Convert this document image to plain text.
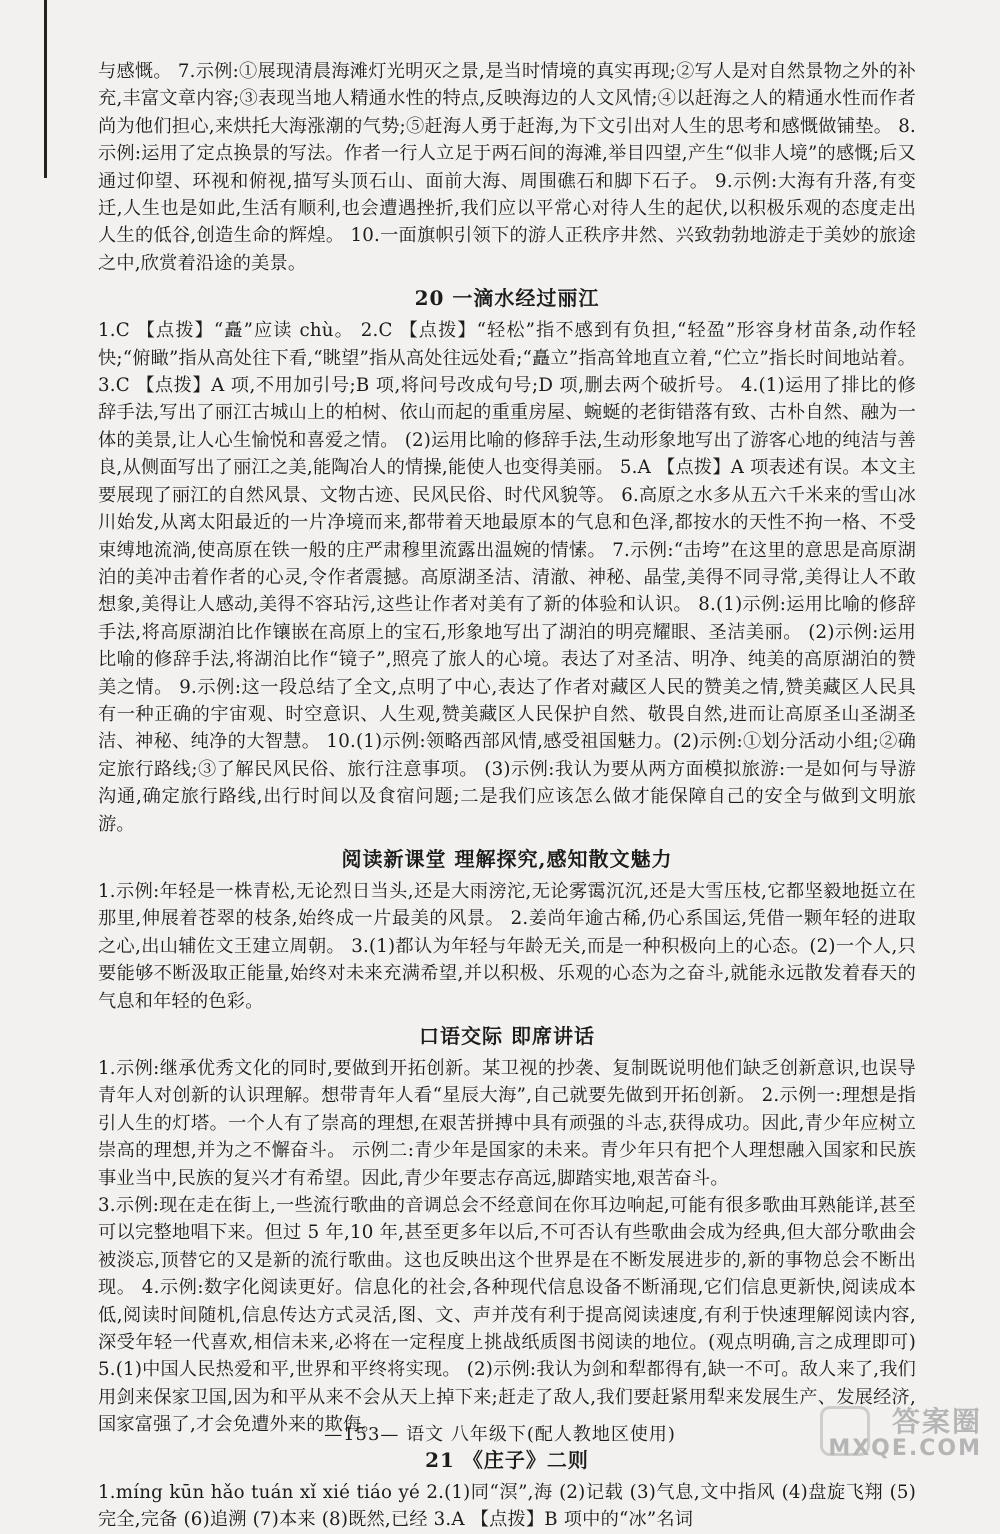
与感慨。 7.示例:①展现清晨海滩灯光明灭之景,是当时情境的真实再现;②写人是对自然景物之外的补充,丰富文章内容;③表现当地人精通水性的特点,反映海边的人文风情;④以赶海之人的精通水性而作者尚为他们担心,来烘托大海涨潮的气势;⑤赶海人勇于赶海,为下文引出对人生的思考和感慨做铺垫。 8.示例:运用了定点换景的写法。作者一行人立足于两石间的海滩,举目四望,产生“似非人境”的感慨;后又通过仰望、环视和俯视,描写头顶石山、面前大海、周围礁石和脚下石子。 9.示例:大海有升落,有变迁,人生也是如此,生活有顺利,也会遭遇挫折,我们应以平常心对待人生的起伏,以积极乐观的态度走出人生的低谷,创造生命的辉煌。 10.一面旗帜引领下的游人正秩序井然、兴致勃勃地游走于美妙的旅途之中,欣赏着沿途的美景。

20 一滴水经过丽江

1.C 【点拨】“矗”应读 chù。 2.C 【点拨】“轻松”指不感到有负担,“轻盈”形容身材苗条,动作轻快;“俯瞰”指从高处往下看,“眺望”指从高处往远处看;“矗立”指高耸地直立着,“伫立”指长时间地站着。 3.C 【点拨】A 项,不用加引号;B 项,将问号改成句号;D 项,删去两个破折号。 4.(1)运用了排比的修辞手法,写出了丽江古城山上的柏树、依山而起的重重房屋、蜿蜒的老街错落有致、古朴自然、融为一体的美景,让人心生愉悦和喜爱之情。 (2)运用比喻的修辞手法,生动形象地写出了游客心地的纯洁与善良,从侧面写出了丽江之美,能陶冶人的情操,能使人也变得美丽。 5.A 【点拨】A 项表述有误。本文主要展现了丽江的自然风景、文物古迹、民风民俗、时代风貌等。 6.高原之水多从五六千米来的雪山冰川始发,从离太阳最近的一片净境而来,都带着天地最原本的气息和色泽,都按水的天性不拘一格、不受束缚地流淌,使高原在铁一般的庄严肃穆里流露出温婉的情愫。 7.示例:“击垮”在这里的意思是高原湖泊的美冲击着作者的心灵,令作者震撼。高原湖圣洁、清澈、神秘、晶莹,美得不同寻常,美得让人不敢想象,美得让人感动,美得不容玷污,这些让作者对美有了新的体验和认识。 8.(1)示例:运用比喻的修辞手法,将高原湖泊比作镶嵌在高原上的宝石,形象地写出了湖泊的明亮耀眼、圣洁美丽。 (2)示例:运用比喻的修辞手法,将湖泊比作“镜子”,照亮了旅人的心境。表达了对圣洁、明净、纯美的高原湖泊的赞美之情。 9.示例:这一段总结了全文,点明了中心,表达了作者对藏区人民的赞美之情,赞美藏区人民具有一种正确的宇宙观、时空意识、人生观,赞美藏区人民保护自然、敬畏自然,进而让高原圣山圣湖圣洁、神秘、纯净的大智慧。 10.(1)示例:领略西部风情,感受祖国魅力。(2)示例:①划分活动小组;②确定旅行路线;③了解民风民俗、旅行注意事项。 (3)示例:我认为要从两方面模拟旅游:一是如何与导游沟通,确定旅行路线,出行时间以及食宿问题;二是我们应该怎么做才能保障自己的安全与做到文明旅游。

阅读新课堂 理解探究,感知散文魅力

1.示例:年轻是一株青松,无论烈日当头,还是大雨滂沱,无论雾霭沉沉,还是大雪压枝,它都坚毅地挺立在那里,伸展着苍翠的枝条,始终成一片最美的风景。 2.姜尚年逾古稀,仍心系国运,凭借一颗年轻的进取之心,出山辅佐文王建立周朝。 3.(1)都认为年轻与年龄无关,而是一种积极向上的心态。(2)一个人,只要能够不断汲取正能量,始终对未来充满希望,并以积极、乐观的心态为之奋斗,就能永远散发着春天的气息和年轻的色彩。

口语交际 即席讲话

1.示例:继承优秀文化的同时,要做到开拓创新。某卫视的抄袭、复制既说明他们缺乏创新意识,也误导青年人对创新的认识理解。想带青年人看“星辰大海”,自己就要先做到开拓创新。 2.示例一:理想是指引人生的灯塔。一个人有了崇高的理想,在艰苦拼搏中具有顽强的斗志,获得成功。因此,青少年应树立崇高的理想,并为之不懈奋斗。 示例二:青少年是国家的未来。青少年只有把个人理想融入国家和民族事业当中,民族的复兴才有希望。因此,青少年要志存高远,脚踏实地,艰苦奋斗。

3.示例:现在走在街上,一些流行歌曲的音调总会不经意间在你耳边响起,可能有很多歌曲耳熟能详,甚至可以完整地唱下来。但过 5 年,10 年,甚至更多年以后,不可否认有些歌曲会成为经典,但大部分歌曲会被淡忘,顶替它的又是新的流行歌曲。这也反映出这个世界是在不断发展进步的,新的事物总会不断出现。 4.示例:数字化阅读更好。信息化的社会,各种现代信息设备不断涌现,它们信息更新快,阅读成本低,阅读时间随机,信息传达方式灵活,图、文、声并茂有利于提高阅读速度,有利于快速理解阅读内容,深受年轻一代喜欢,相信未来,必将在一定程度上挑战纸质图书阅读的地位。(观点明确,言之成理即可) 5.(1)中国人民热爱和平,世界和平终将实现。 (2)示例:我认为剑和犁都得有,缺一不可。敌人来了,我们用剑来保家卫国,因为和平从来不会从天上掉下来;赶走了敌人,我们要赶紧用犁来发展生产、发展经济,国家富强了,才会免遭外来的欺侮。

21 《庄子》二则

1.míng kūn hǎo tuán xǐ xié tiáo yé 2.(1)同“溟”,海 (2)记载 (3)气息,文中指风 (4)盘旋飞翔 (5)完全,完备 (6)追溯 (7)本来 (8)既然,已经 3.A 【点拨】B 项中的“冰”名词

—153— 语文 八年级下(配人教地区使用)	答案圈
MXQE.COM
